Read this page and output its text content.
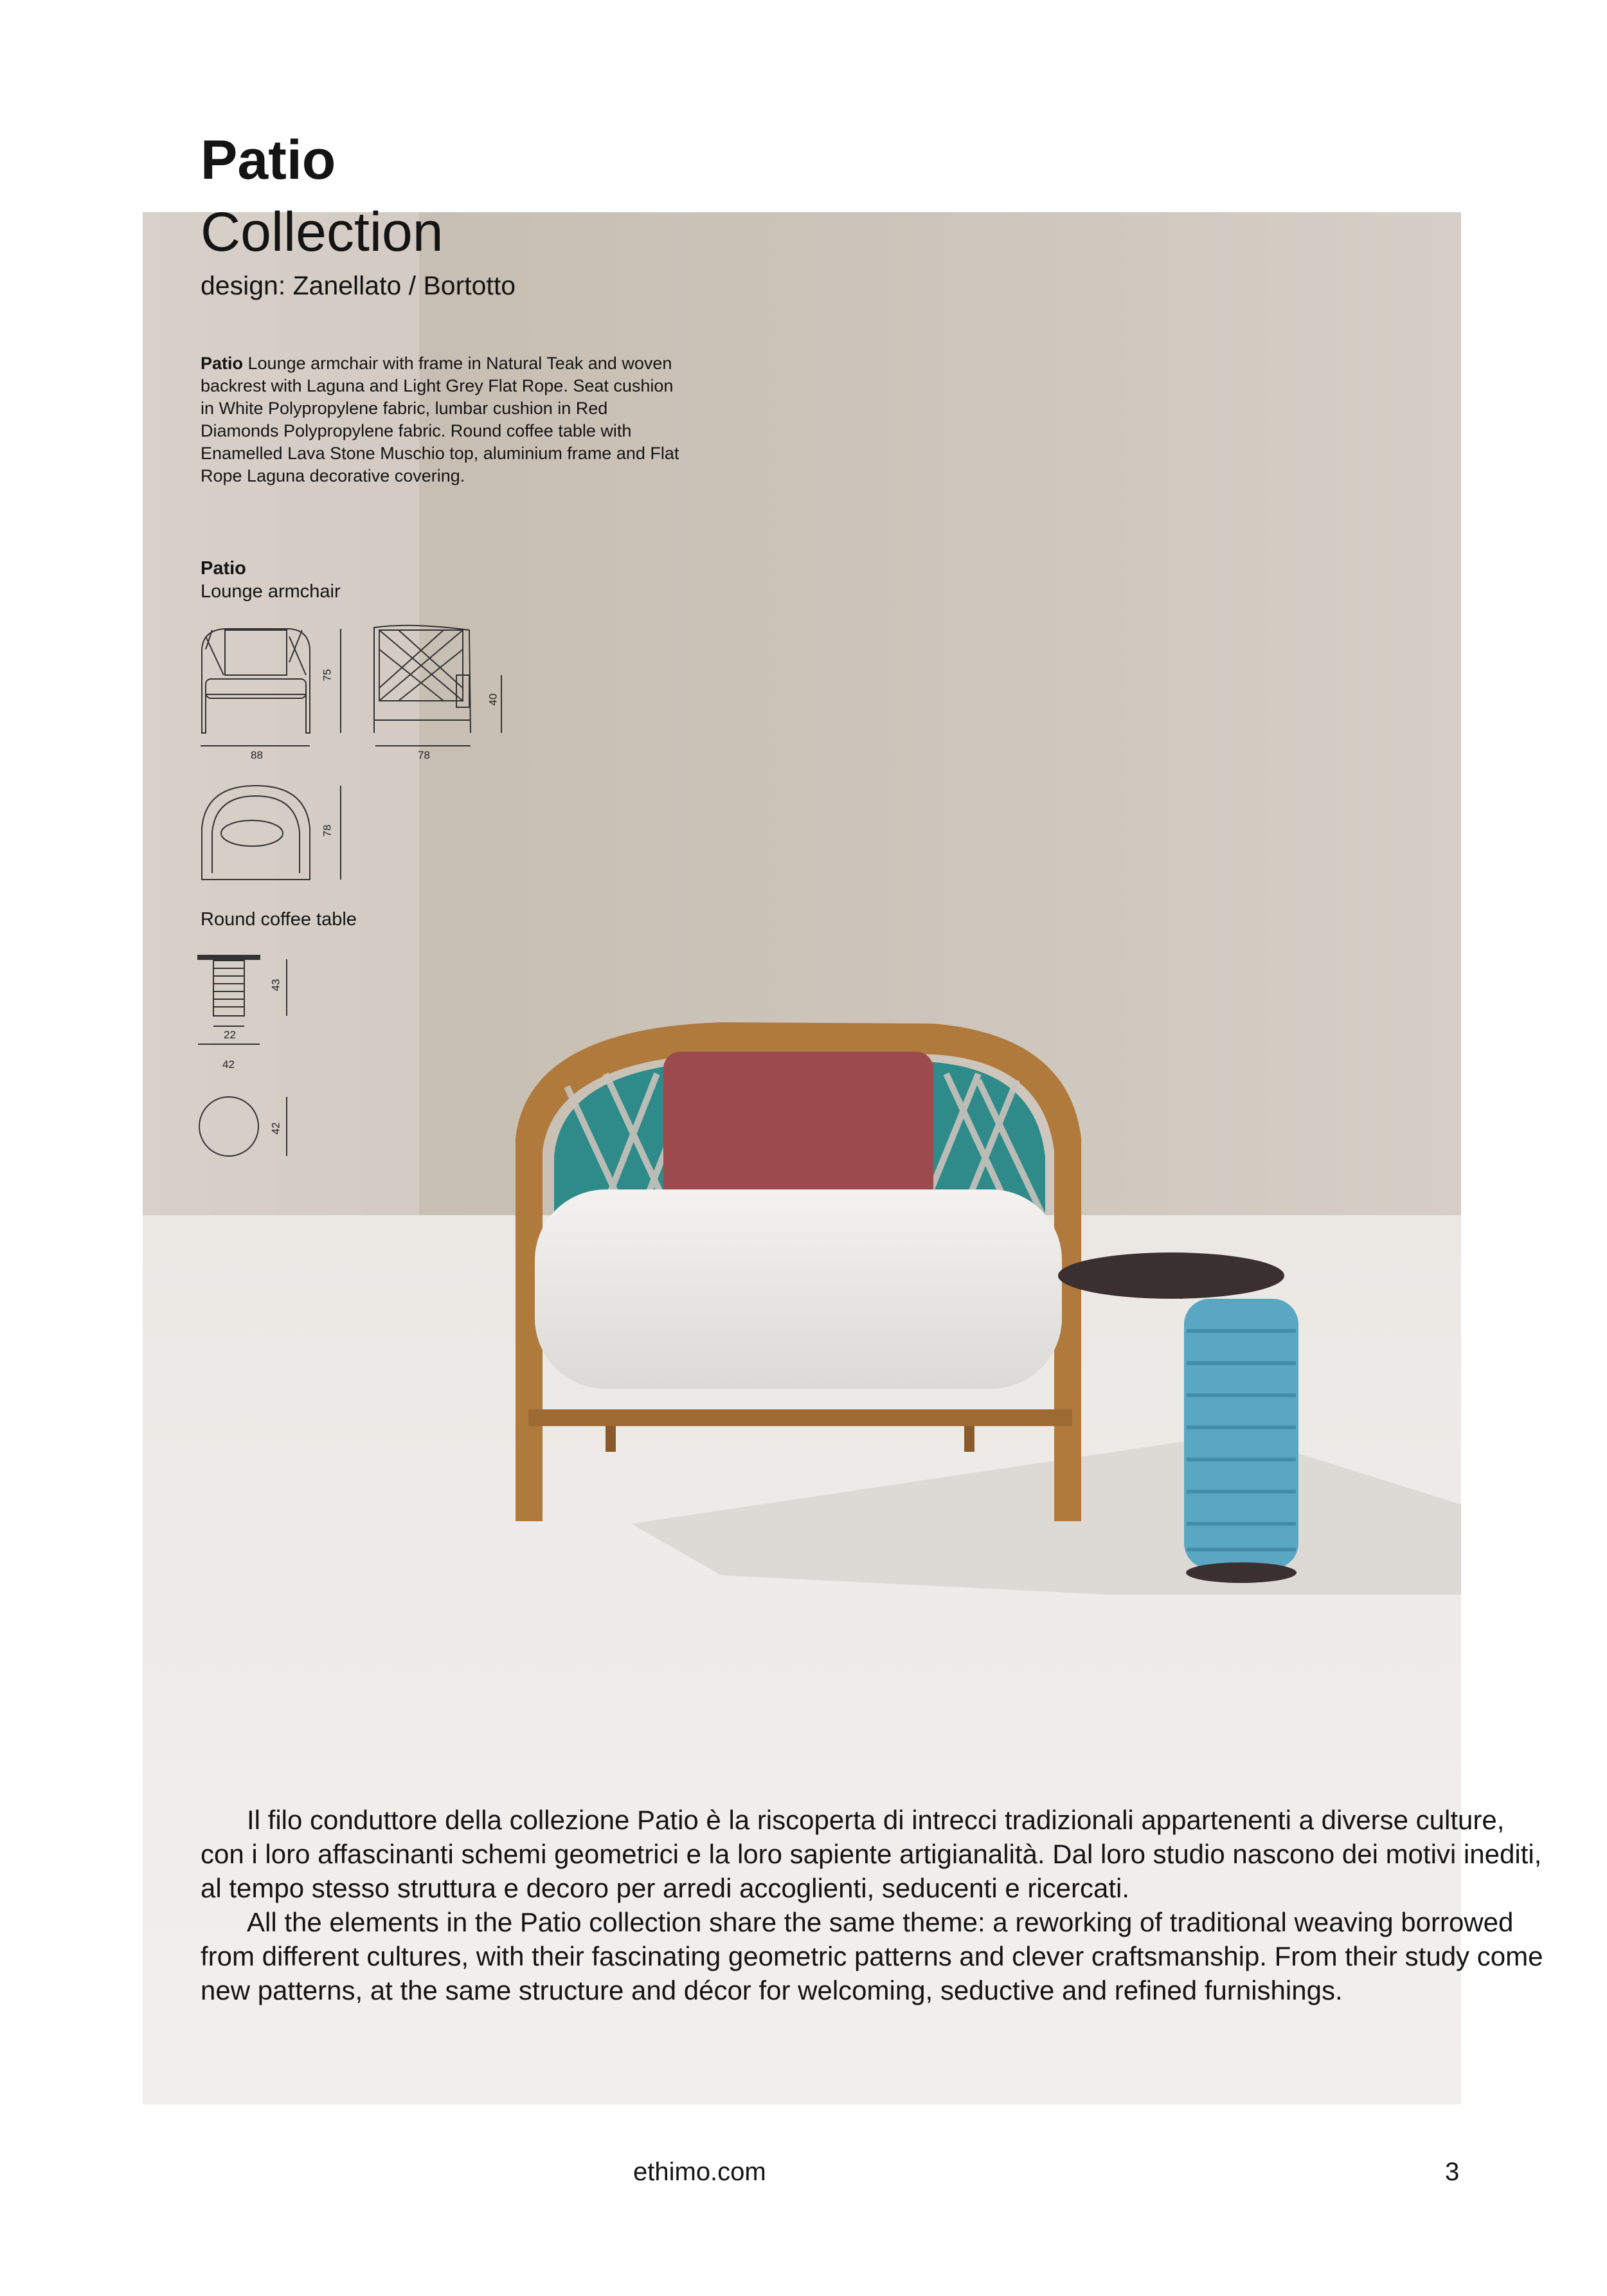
Patio
Collection
design: Zanellato / Bortotto
Patio Lounge armchair with frame in Natural Teak and woven backrest with Laguna and Light Grey Flat Rope. Seat cushion in White Polypropylene fabric, lumbar cushion in Red Diamonds Polypropylene fabric. Round coffee table with Enamelled Lava Stone Muschio top, aluminium frame and Flat Rope Laguna decorative covering.
Patio
Lounge armchair
75
88
40
78
78
Round coffee table
43
22
42
42

Il filo conduttore della collezione Patio è la riscoperta di intrecci tradizionali appartenenti a diverse culture, con i loro affascinanti schemi geometrici e la loro sapiente artigianalità. Dal loro studio nascono dei motivi inediti, al tempo stesso struttura e decoro per arredi accoglienti, seducenti e ricercati.

All the elements in the Patio collection share the same theme: a reworking of traditional weaving borrowed from different cultures, with their fascinating geometric patterns and clever craftsmanship. From their study come new patterns, at the same structure and décor for welcoming, seductive and refined furnishings.

ethimo.com	3
